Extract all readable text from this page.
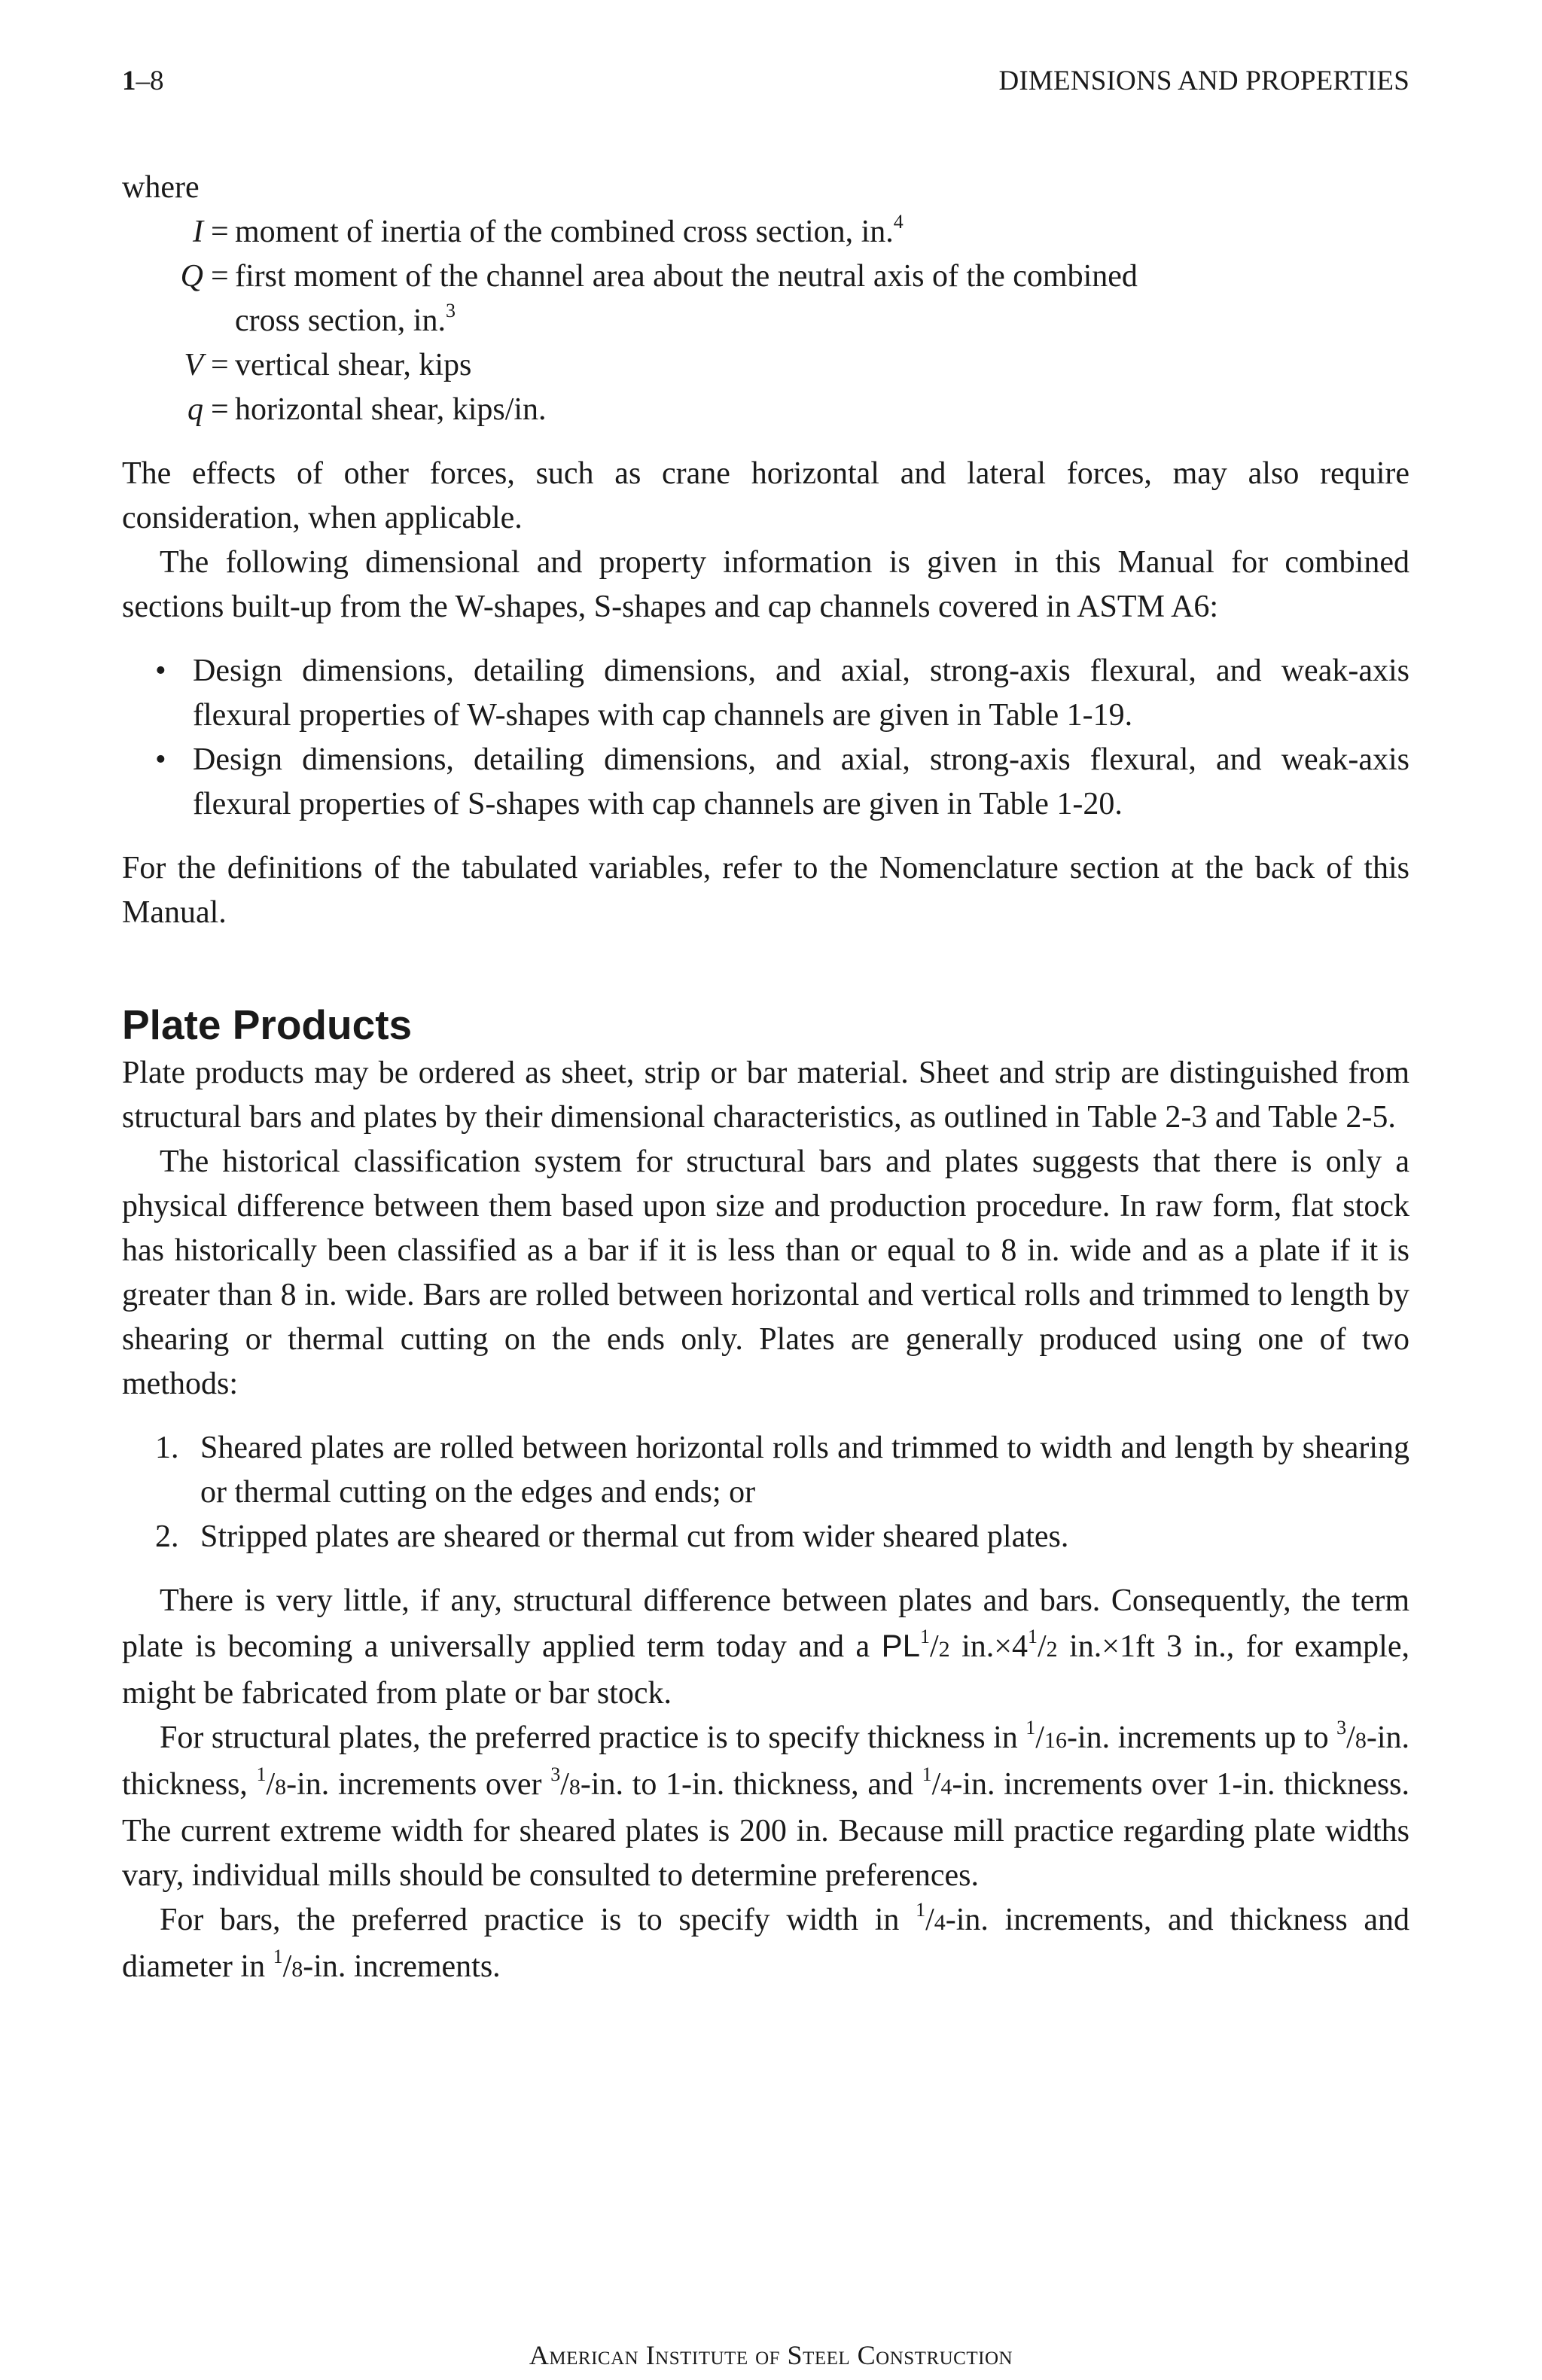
1–8	DIMENSIONS AND PROPERTIES

where

I = moment of inertia of the combined cross section, in.$^4$
Q = first moment of the channel area about the neutral axis of the combined
cross section, in.$^3$
V = vertical shear, kips
q = horizontal shear, kips/in.

The effects of other forces, such as crane horizontal and lateral forces, may also require consideration, when applicable.

The following dimensional and property information is given in this Manual for combined sections built-up from the W-shapes, S-shapes and cap channels covered in ASTM A6:

• Design dimensions, detailing dimensions, and axial, strong-axis flexural, and weak-axis flexural properties of W-shapes with cap channels are given in Table 1-19.
• Design dimensions, detailing dimensions, and axial, strong-axis flexural, and weak-axis flexural properties of S-shapes with cap channels are given in Table 1-20.

For the definitions of the tabulated variables, refer to the Nomenclature section at the back of this Manual.

Plate Products

Plate products may be ordered as sheet, strip or bar material. Sheet and strip are distinguished from structural bars and plates by their dimensional characteristics, as outlined in Table 2-3 and Table 2-5.

The historical classification system for structural bars and plates suggests that there is only a physical difference between them based upon size and production procedure. In raw form, flat stock has historically been classified as a bar if it is less than or equal to 8 in. wide and as a plate if it is greater than 8 in. wide. Bars are rolled between horizontal and vertical rolls and trimmed to length by shearing or thermal cutting on the ends only. Plates are generally produced using one of two methods:

1. Sheared plates are rolled between horizontal rolls and trimmed to width and length by shearing or thermal cutting on the edges and ends; or
2. Stripped plates are sheared or thermal cut from wider sheared plates.

There is very little, if any, structural difference between plates and bars. Consequently, the term plate is becoming a universally applied term today and a $PL^1/2$ $in.\times 4^1/2$ in.×1ft 3 in., for example, might be fabricated from plate or bar stock.

For structural plates, the preferred practice is to specify thickness in $^1$/16-in. increments up to $^3$/8-in. thickness, $^1$/8-in. increments over $^3$/8-in. to 1-in. thickness, and $^1$/4-in. increments over 1-in. thickness. The current extreme width for sheared plates is 200 in. Because mill practice regarding plate widths vary, individual mills should be consulted to determine preferences.

For bars, the preferred practice is to specify width in $^1$/4-in. increments, and thickness and diameter in $^1$/8-in. increments.

American Institute of Steel Construction
